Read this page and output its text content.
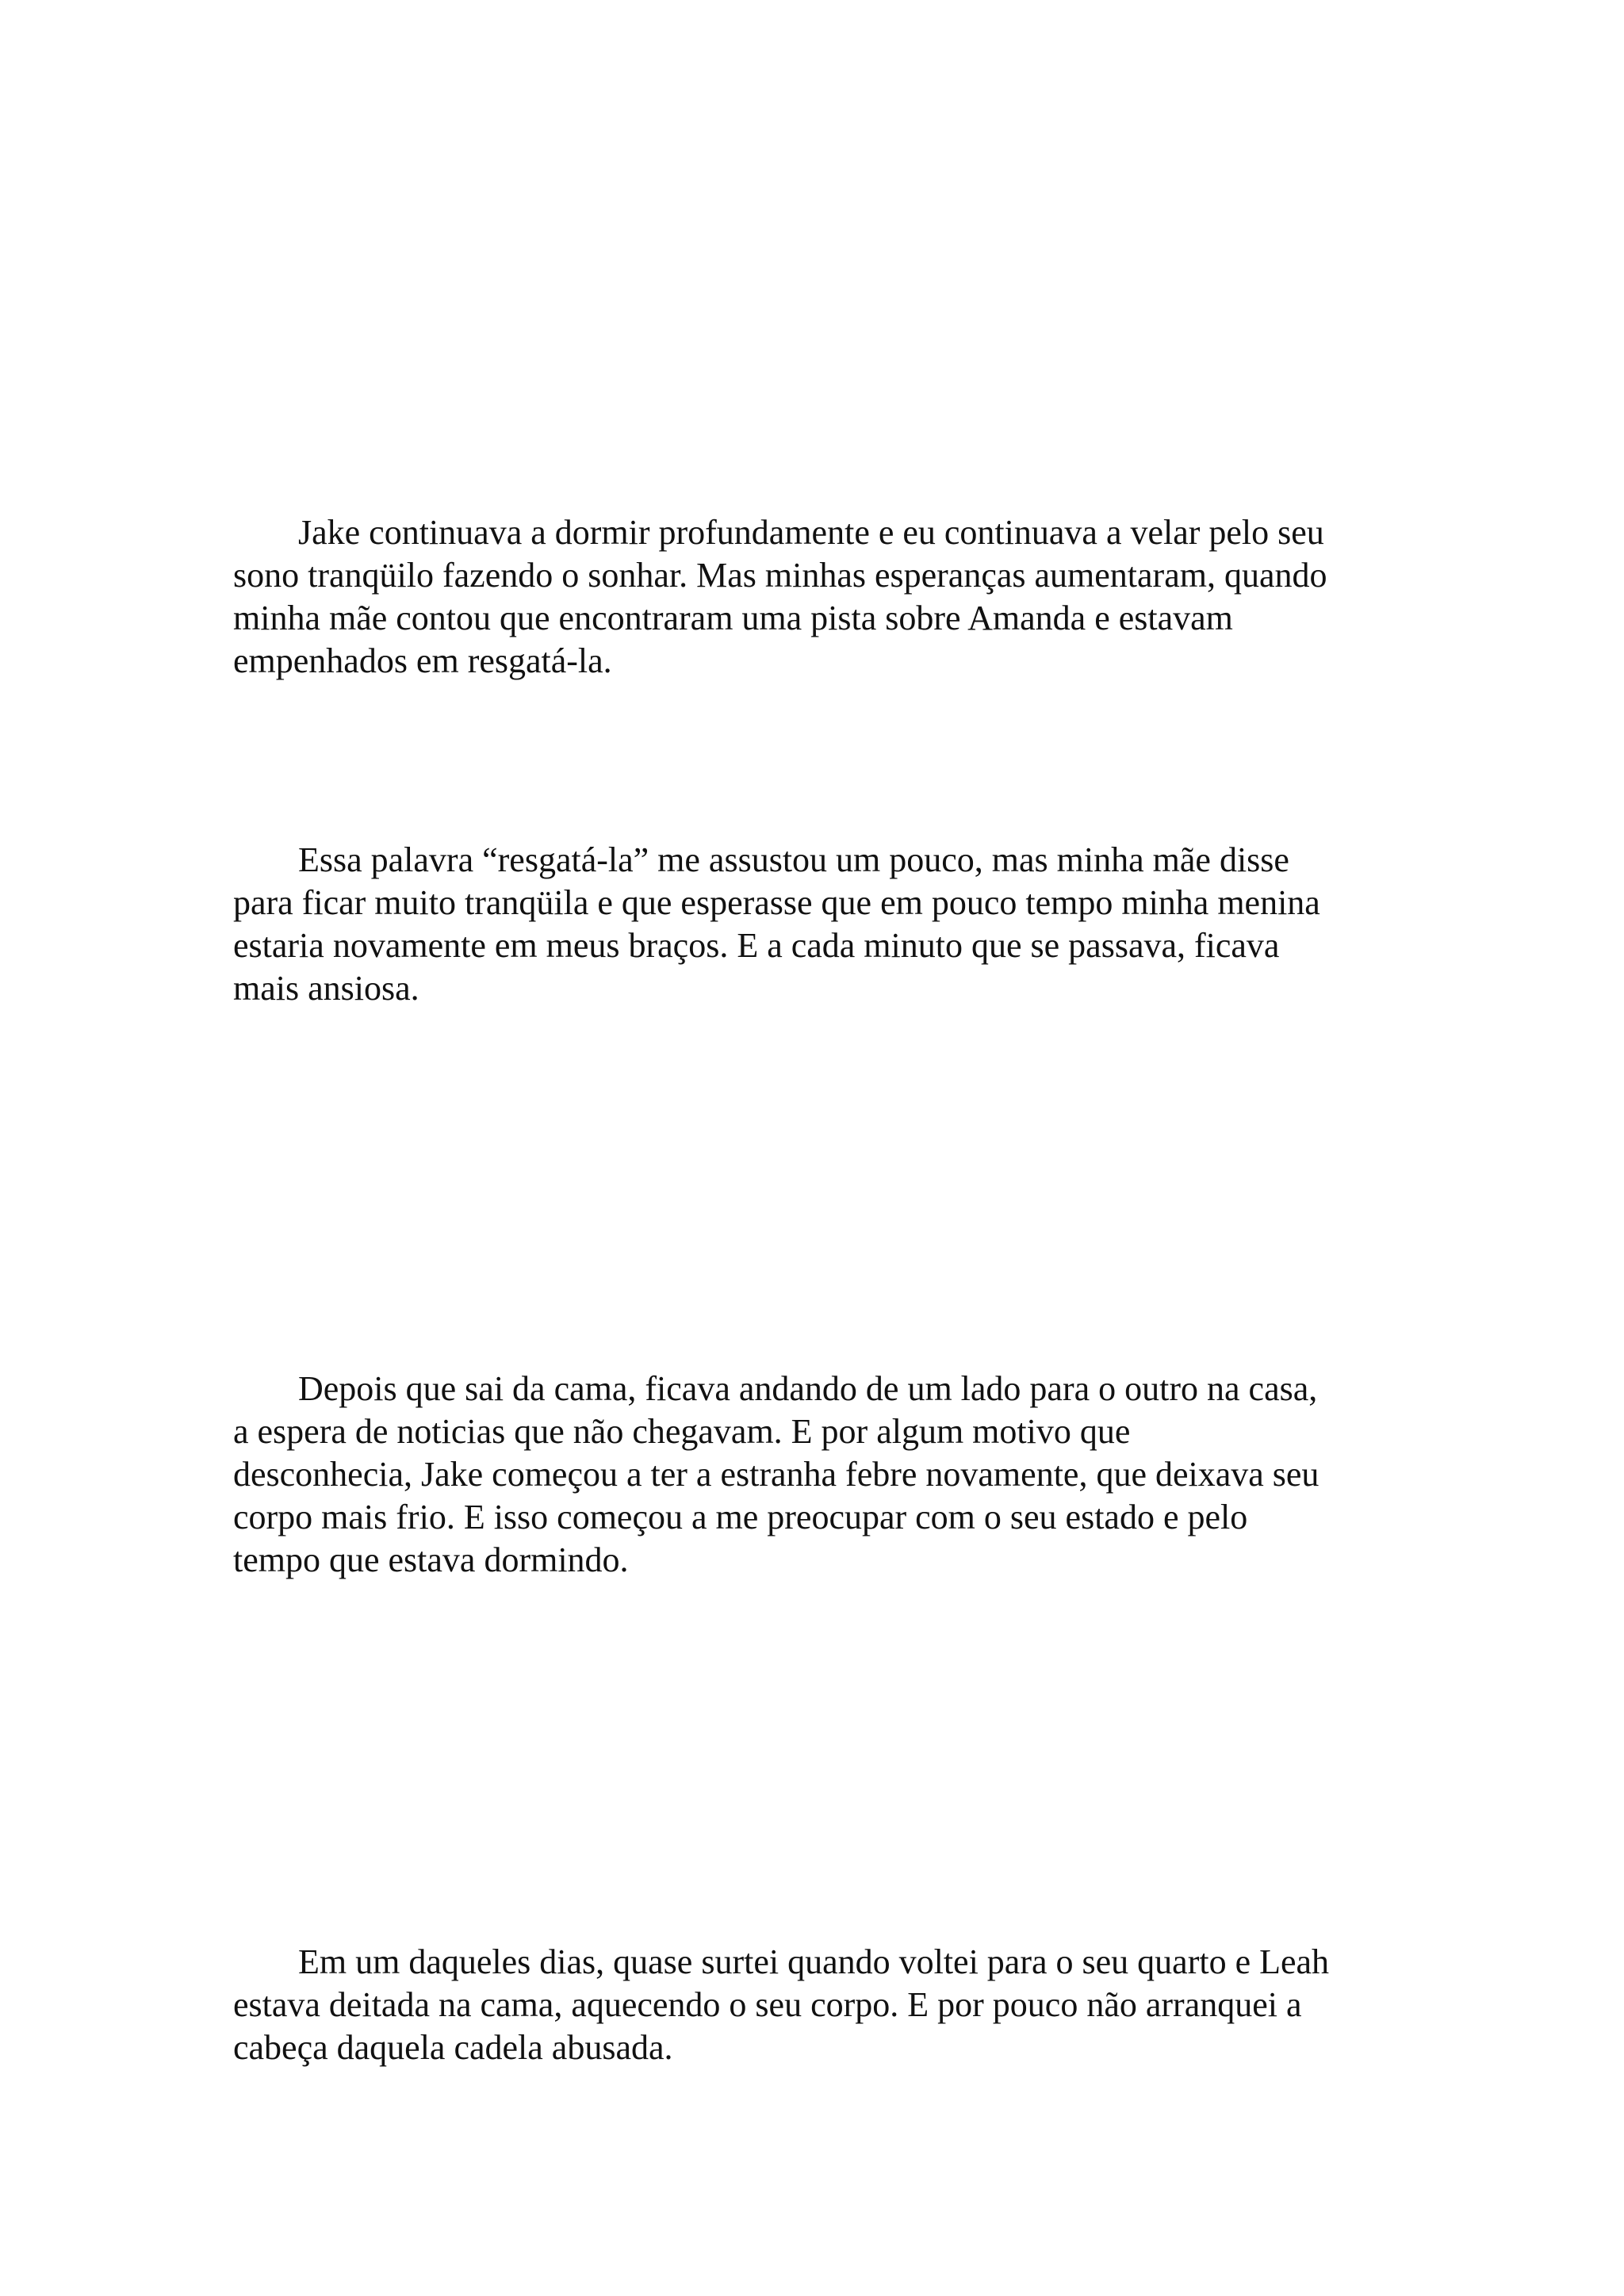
Jake continuava a dormir profundamente e eu continuava a velar pelo seu
sono tranqüilo fazendo o sonhar. Mas minhas esperanças aumentaram, quando
minha mãe contou que encontraram uma pista sobre Amanda e estavam
empenhados em resgatá-la.

Essa palavra “resgatá-la” me assustou um pouco, mas minha mãe disse
para ficar muito tranqüila e que esperasse que em pouco tempo minha menina
estaria novamente em meus braços. E a cada minuto que se passava, ficava
mais ansiosa.

Depois que sai da cama, ficava andando de um lado para o outro na casa,
a espera de noticias que não chegavam. E por algum motivo que
desconhecia, Jake começou a ter a estranha febre novamente, que deixava seu
corpo mais frio. E isso começou a me preocupar com o seu estado e pelo
tempo que estava dormindo.

Em um daqueles dias, quase surtei quando voltei para o seu quarto e Leah
estava deitada na cama, aquecendo o seu corpo. E por pouco não arranquei a
cabeça daquela cadela abusada.
